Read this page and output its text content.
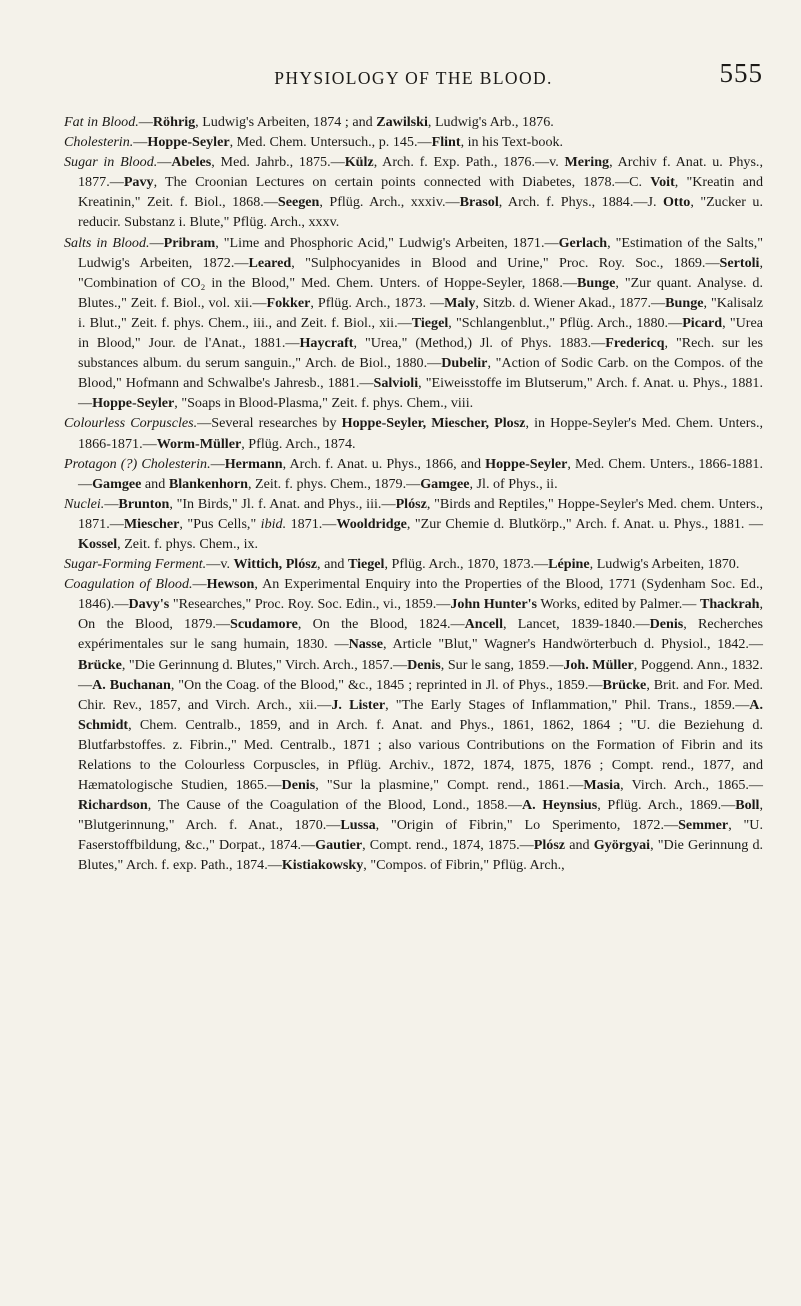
PHYSIOLOGY OF THE BLOOD.	555

Fat in Blood.—Röhrig, Ludwig's Arbeiten, 1874 ; and Zawilski, Ludwig's Arb., 1876.

Cholesterin.—Hoppe-Seyler, Med. Chem. Untersuch., p. 145.—Flint, in his Text-book.

Sugar in Blood.—Abeles, Med. Jahrb., 1875.—Külz, Arch. f. Exp. Path., 1876.—v. Mering, Archiv f. Anat. u. Phys., 1877.—Pavy, The Croonian Lectures on certain points connected with Diabetes, 1878.—C. Voit, "Kreatin and Kreatinin," Zeit. f. Biol., 1868.—Seegen, Pflüg. Arch., xxxiv.—Brasol, Arch. f. Phys., 1884.—J. Otto, "Zucker u. reducir. Substanz i. Blute," Pflüg. Arch., xxxv.

Salts in Blood.—Pribram, "Lime and Phosphoric Acid," Ludwig's Arbeiten, 1871.—Gerlach, "Estimation of the Salts," Ludwig's Arbeiten, 1872.—Leared, "Sulphocyanides in Blood and Urine," Proc. Roy. Soc., 1869.—Sertoli, "Combination of CO₂ in the Blood," Med. Chem. Unters. of Hoppe-Seyler, 1868.—Bunge, "Zur quant. Analyse. d. Blutes.," Zeit. f. Biol., vol. xii.—Fokker, Pflüg. Arch., 1873. —Maly, Sitzb. d. Wiener Akad., 1877.—Bunge, "Kalisalz i. Blut.," Zeit. f. phys. Chem., iii., and Zeit. f. Biol., xii.—Tiegel, "Schlangenblut.," Pflüg. Arch., 1880.—Picard, "Urea in Blood," Jour. de l'Anat., 1881.—Haycraft, "Urea," (Method,) Jl. of Phys. 1883.—Fredericq, "Rech. sur les substances album. du serum sanguin.," Arch. de Biol., 1880.—Dubelir, "Action of Sodic Carb. on the Compos. of the Blood," Hofmann and Schwalbe's Jahresb., 1881.—Salvioli, "Eiweisstoffe im Blutserum," Arch. f. Anat. u. Phys., 1881.—Hoppe-Seyler, "Soaps in Blood-Plasma," Zeit. f. phys. Chem., viii.

Colourless Corpuscles.—Several researches by Hoppe-Seyler, Miescher, Plosz, in Hoppe-Seyler's Med. Chem. Unters., 1866-1871.—Worm-Müller, Pflüg. Arch., 1874.

Protagon (?) Cholesterin.—Hermann, Arch. f. Anat. u. Phys., 1866, and Hoppe-Seyler, Med. Chem. Unters., 1866-1881.—Gamgee and Blankenhorn, Zeit. f. phys. Chem., 1879.—Gamgee, Jl. of Phys., ii.

Nuclei.—Brunton, "In Birds," Jl. f. Anat. and Phys., iii.—Plósz, "Birds and Reptiles," Hoppe-Seyler's Med. chem. Unters., 1871.—Miescher, "Pus Cells," ibid. 1871.—Wooldridge, "Zur Chemie d. Blutkörp.," Arch. f. Anat. u. Phys., 1881. —Kossel, Zeit. f. phys. Chem., ix.

Sugar-Forming Ferment.—v. Wittich, Plósz, and Tiegel, Pflüg. Arch., 1870, 1873.—Lépine, Ludwig's Arbeiten, 1870.

Coagulation of Blood.—Hewson, An Experimental Enquiry into the Properties of the Blood, 1771 (Sydenham Soc. Ed., 1846).—Davy's "Researches," Proc. Roy. Soc. Edin., vi., 1859.—John Hunter's Works, edited by Palmer.— Thackrah, On the Blood, 1879.—Scudamore, On the Blood, 1824.—Ancell, Lancet, 1839-1840.—Denis, Recherches expérimentales sur le sang humain, 1830. —Nasse, Article "Blut," Wagner's Handwörterbuch d. Physiol., 1842.—Brücke, "Die Gerinnung d. Blutes," Virch. Arch., 1857.—Denis, Sur le sang, 1859.—Joh. Müller, Poggend. Ann., 1832.—A. Buchanan, "On the Coag. of the Blood," &c., 1845 ; reprinted in Jl. of Phys., 1859.—Brücke, Brit. and For. Med. Chir. Rev., 1857, and Virch. Arch., xii.—J. Lister, "The Early Stages of Inflammation," Phil. Trans., 1859.—A. Schmidt, Chem. Centralb., 1859, and in Arch. f. Anat. and Phys., 1861, 1862, 1864 ; "U. die Beziehung d. Blutfarbstoffes. z. Fibrin.," Med. Centralb., 1871 ; also various Contributions on the Formation of Fibrin and its Relations to the Colourless Corpuscles, in Pflüg. Archiv., 1872, 1874, 1875, 1876 ; Compt. rend., 1877, and Hæmatologische Studien, 1865.—Denis, "Sur la plasmine," Compt. rend., 1861.—Masia, Virch. Arch., 1865.—Richardson, The Cause of the Coagulation of the Blood, Lond., 1858.—A. Heynsius, Pflüg. Arch., 1869.—Boll, "Blutgerinnung," Arch. f. Anat., 1870.—Lussa, "Origin of Fibrin," Lo Sperimento, 1872.—Semmer, "U. Faserstoffbildung, &c.," Dorpat., 1874.—Gautier, Compt. rend., 1874, 1875.—Plósz and Györgyai, "Die Gerinnung d. Blutes," Arch. f. exp. Path., 1874.—Kistiakowsky, "Compos. of Fibrin," Pflüg. Arch.,
